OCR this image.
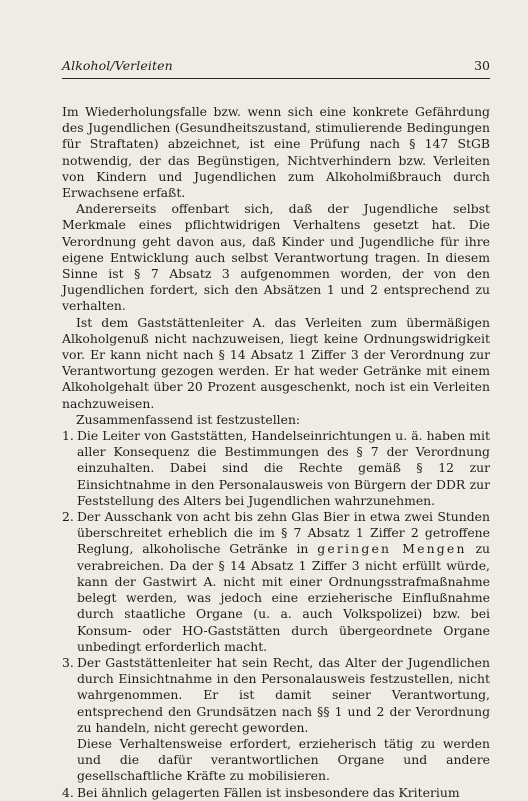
Alkohol/Verleiten	30

Im Wiederholungsfalle bzw. wenn sich eine konkrete Gefährdung des Jugendlichen (Gesundheitszustand, stimulierende Bedingungen für Straftaten) abzeichnet, ist eine Prüfung nach § 147 StGB notwendig, der das Begünstigen, Nichtverhindern bzw. Verleiten von Kindern und Jugendlichen zum Alkoholmißbrauch durch Erwachsene erfaßt.

Andererseits offenbart sich, daß der Jugendliche selbst Merkmale eines pflichtwidrigen Verhaltens gesetzt hat. Die Verordnung geht davon aus, daß Kinder und Jugendliche für ihre eigene Entwicklung auch selbst Verantwortung tragen. In diesem Sinne ist § 7 Absatz 3 aufgenommen worden, der von den Jugendlichen fordert, sich den Absätzen 1 und 2 entsprechend zu verhalten.

Ist dem Gaststättenleiter A. das Verleiten zum übermäßigen Alkoholgenuß nicht nachzuweisen, liegt keine Ordnungswidrigkeit vor. Er kann nicht nach § 14 Absatz 1 Ziffer 3 der Verordnung zur Verantwortung gezogen werden. Er hat weder Getränke mit einem Alkoholgehalt über 20 Prozent ausgeschenkt, noch ist ein Verleiten nachzuweisen.

Zusammenfassend ist festzustellen:

1. Die Leiter von Gaststätten, Handelseinrichtungen u. ä. haben mit aller Konsequenz die Bestimmungen des § 7 der Verordnung einzuhalten. Dabei sind die Rechte gemäß § 12 zur Einsichtnahme in den Personalausweis von Bürgern der DDR zur Feststellung des Alters bei Jugendlichen wahrzunehmen.

2. Der Ausschank von acht bis zehn Glas Bier in etwa zwei Stunden überschreitet erheblich die im § 7 Absatz 1 Ziffer 2 getroffene Reglung, alkoholische Getränke in geringen Mengen zu verabreichen. Da der § 14 Absatz 1 Ziffer 3 nicht erfüllt würde, kann der Gastwirt A. nicht mit einer Ordnungsstrafmaßnahme belegt werden, was jedoch eine erzieherische Einflußnahme durch staatliche Organe (u. a. auch Volkspolizei) bzw. bei Konsum- oder HO-Gaststätten durch übergeordnete Organe unbedingt erforderlich macht.

3. Der Gaststättenleiter hat sein Recht, das Alter der Jugendlichen durch Einsichtnahme in den Personalausweis festzustellen, nicht wahrgenommen. Er ist damit seiner Verantwortung, entsprechend den Grundsätzen nach §§ 1 und 2 der Verordnung zu handeln, nicht gerecht geworden.

Diese Verhaltensweise erfordert, erzieherisch tätig zu werden und die dafür verantwortlichen Organe und andere gesellschaftliche Kräfte zu mobilisieren.

4. Bei ähnlich gelagerten Fällen ist insbesondere das Kriterium
